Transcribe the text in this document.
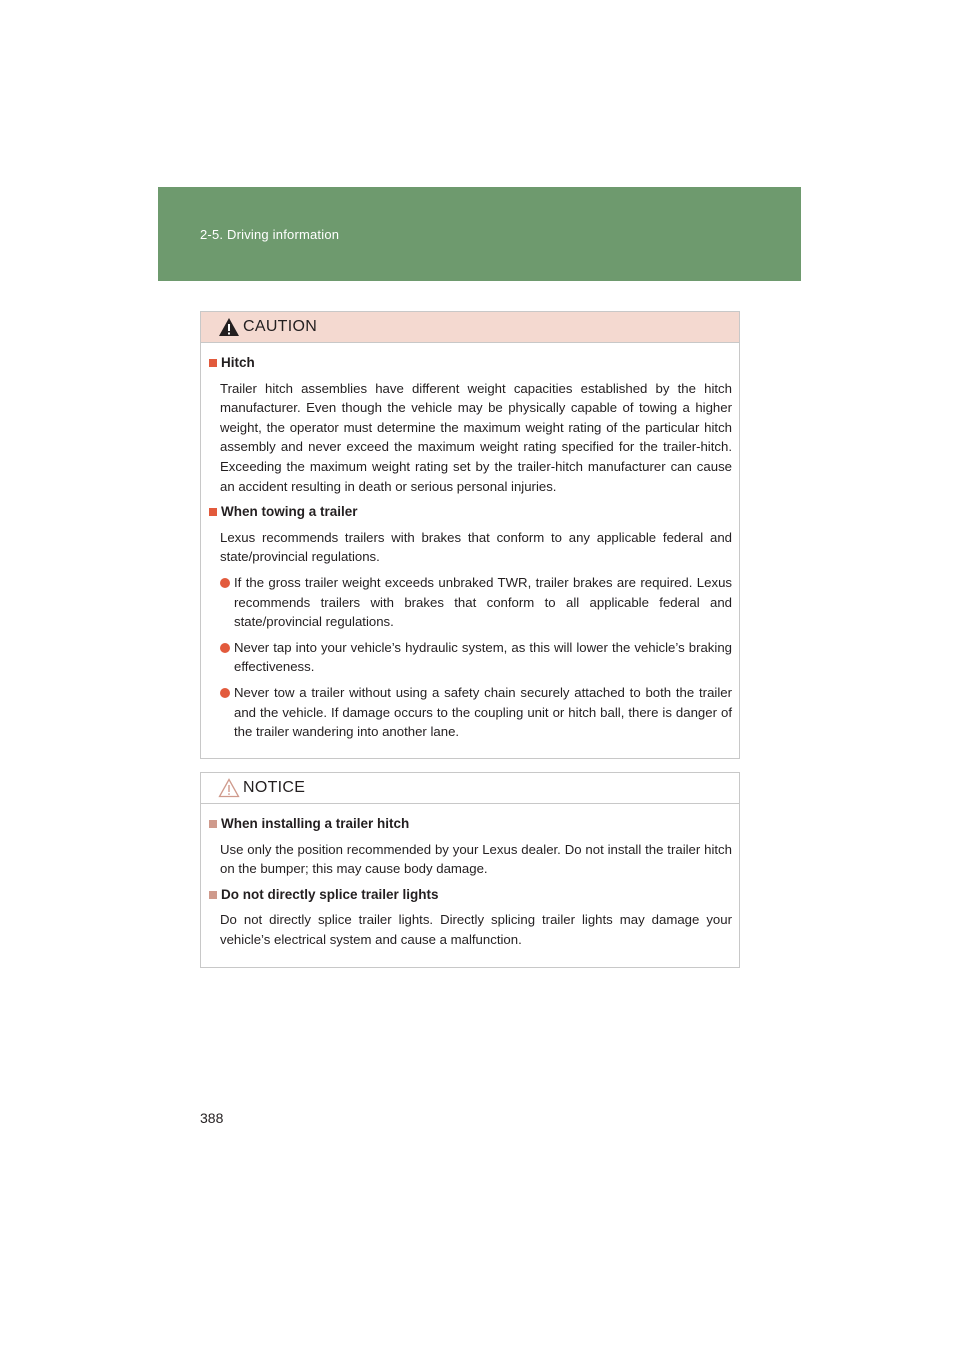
2-5. Driving information
CAUTION
Hitch

Trailer hitch assemblies have different weight capacities established by the hitch manufacturer. Even though the vehicle may be physically capable of towing a higher weight, the operator must determine the maximum weight rating of the particular hitch assembly and never exceed the maximum weight rating specified for the trailer-hitch. Exceeding the maximum weight rating set by the trailer-hitch manufacturer can cause an accident resulting in death or serious personal injuries.

When towing a trailer

Lexus recommends trailers with brakes that conform to any applicable federal and state/provincial regulations.

If the gross trailer weight exceeds unbraked TWR, trailer brakes are required. Lexus recommends trailers with brakes that conform to all applicable federal and state/provincial regulations.
Never tap into your vehicle’s hydraulic system, as this will lower the vehicle’s braking effectiveness.
Never tow a trailer without using a safety chain securely attached to both the trailer and the vehicle. If damage occurs to the coupling unit or hitch ball, there is danger of the trailer wandering into another lane.
NOTICE
When installing a trailer hitch

Use only the position recommended by your Lexus dealer. Do not install the trailer hitch on the bumper; this may cause body damage.

Do not directly splice trailer lights

Do not directly splice trailer lights. Directly splicing trailer lights may damage your vehicle’s electrical system and cause a malfunction.

388
